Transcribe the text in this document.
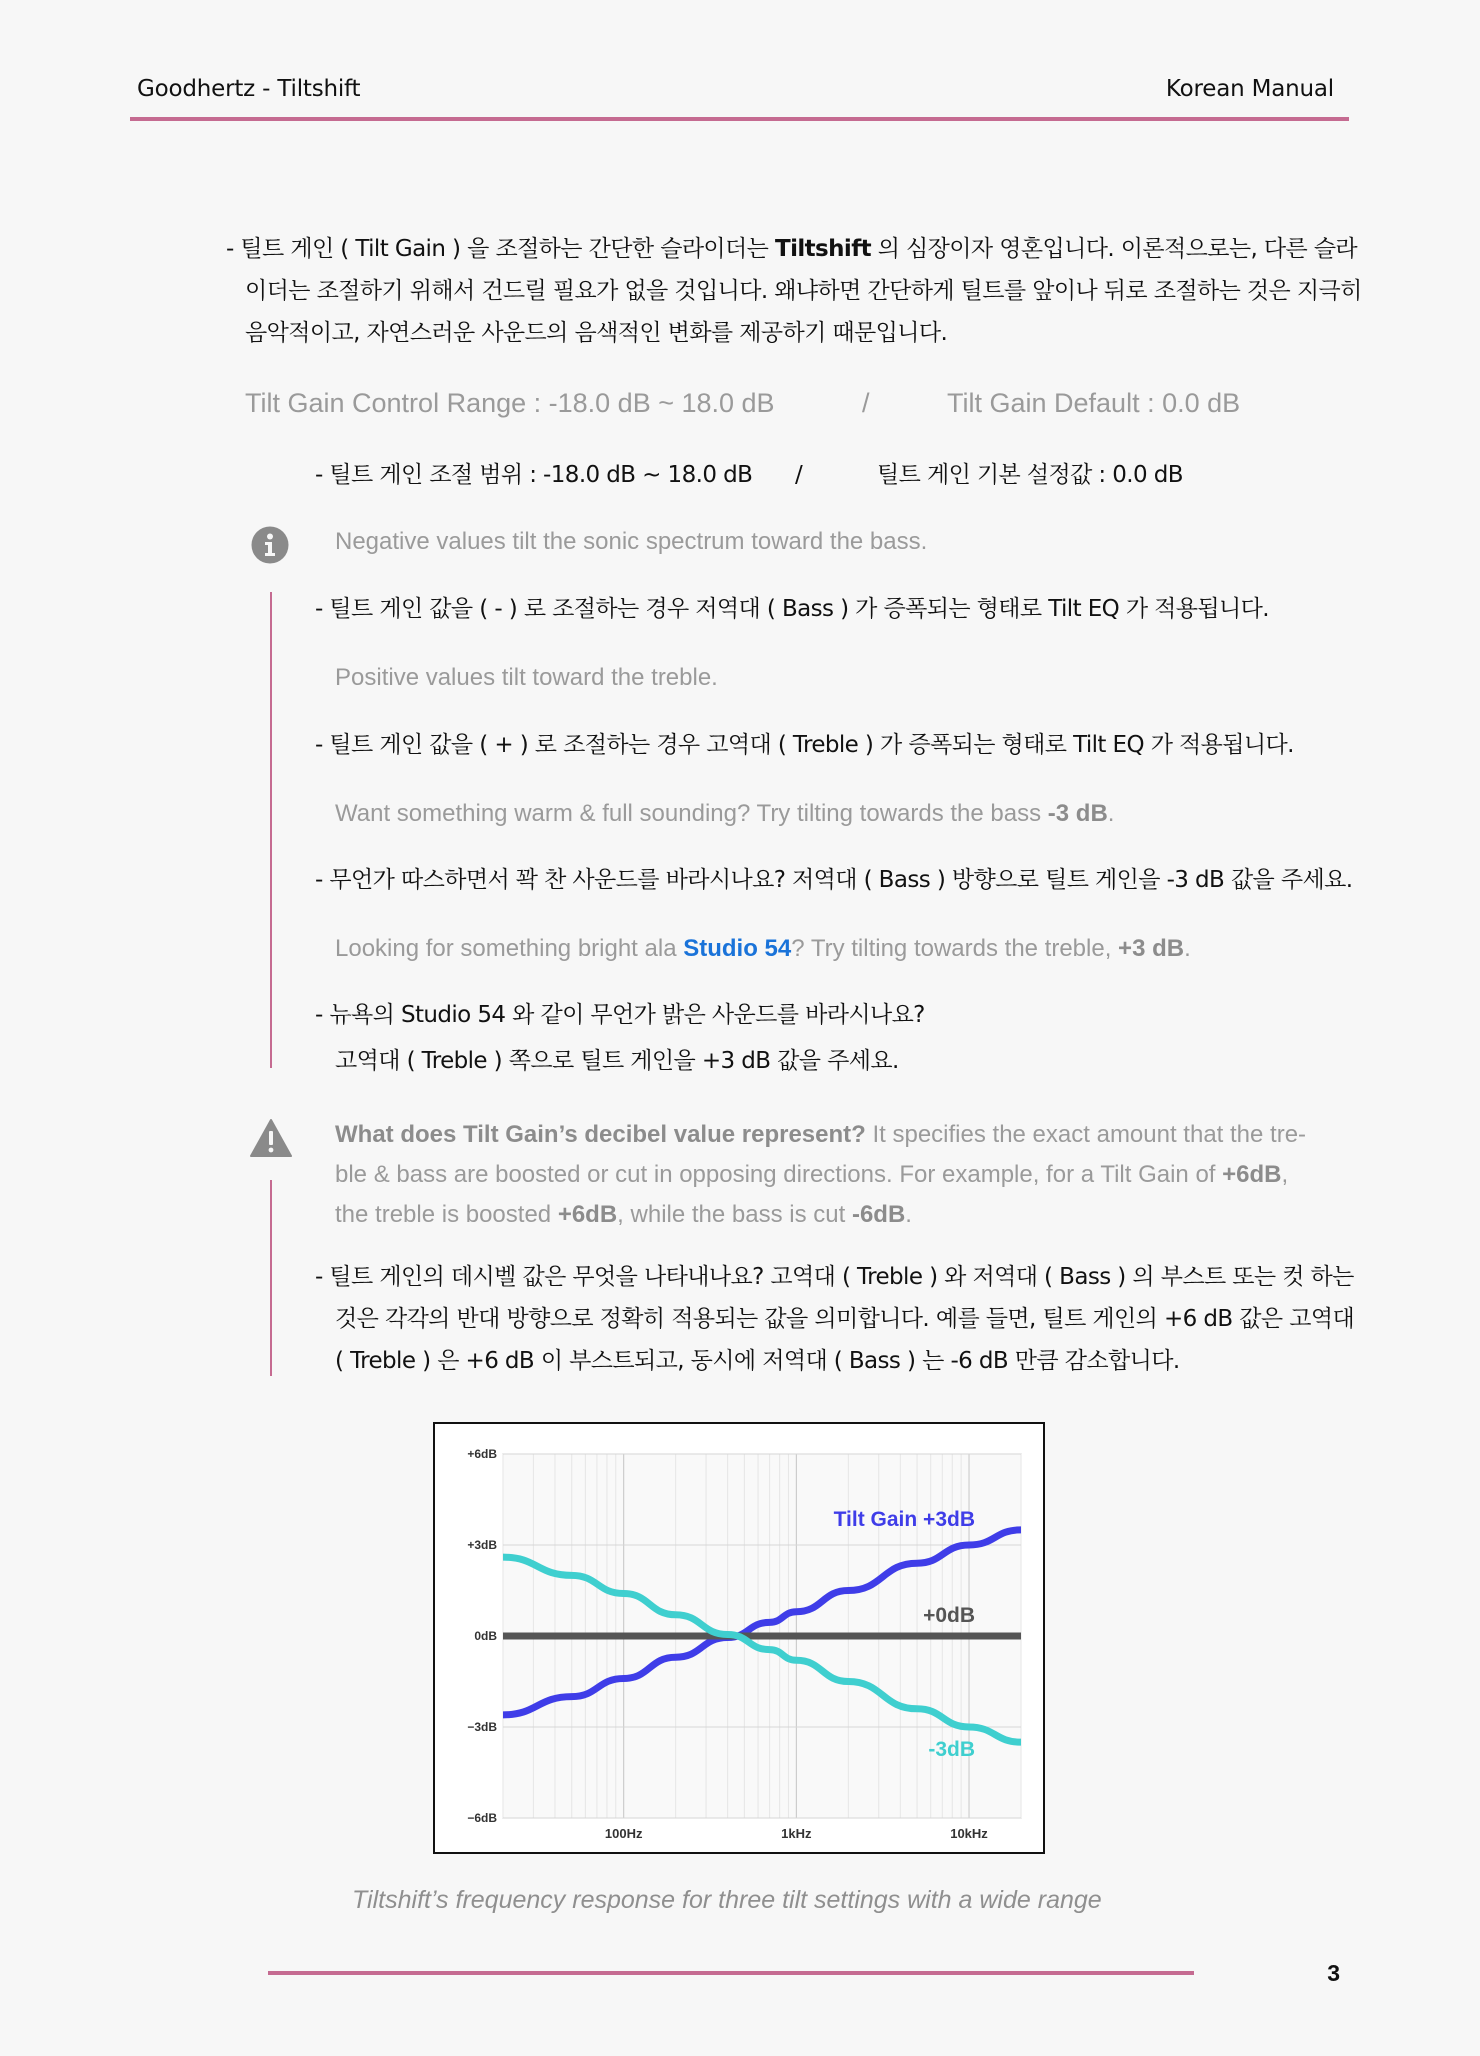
Goodhertz - Tiltshift	Korean Manual
- 틸트 게인 ( Tilt Gain ) 을 조절하는 간단한 슬라이더는 Tiltshift 의 심장이자 영혼입니다. 이론적으로는, 다른 슬라
이더는 조절하기 위해서 건드릴 필요가 없을 것입니다. 왜냐하면 간단하게 틸트를 앞이나 뒤로 조절하는 것은 지극히
음악적이고, 자연스러운 사운드의 음색적인 변화를 제공하기 때문입니다.
Tilt Gain Control Range : -18.0 dB ~ 18.0 dB	/	Tilt Gain Default : 0.0 dB
- 틸트 게인 조절 범위 : -18.0 dB ~ 18.0 dB /	틸트 게인 기본 설정값 : 0.0 dB
Negative values tilt the sonic spectrum toward the bass.
- 틸트 게인 값을 ( - ) 로 조절하는 경우 저역대 ( Bass ) 가 증폭되는 형태로 Tilt EQ 가 적용됩니다.
Positive values tilt toward the treble.
- 틸트 게인 값을 ( + ) 로 조절하는 경우 고역대 ( Treble ) 가 증폭되는 형태로 Tilt EQ 가 적용됩니다.
Want something warm & full sounding? Try tilting towards the bass -3 dB.
- 무언가 따스하면서 꽉 찬 사운드를 바라시나요? 저역대 ( Bass ) 방향으로 틸트 게인을 -3 dB 값을 주세요.
Looking for something bright ala Studio 54? Try tilting towards the treble, +3 dB.
- 뉴욕의 Studio 54 와 같이 무언가 밝은 사운드를 바라시나요?
고역대 ( Treble ) 쪽으로 틸트 게인을 +3 dB 값을 주세요.
What does Tilt Gain’s decibel value represent? It specifies the exact amount that the tre-
ble & bass are boosted or cut in opposing directions. For example, for a Tilt Gain of +6dB,
the treble is boosted +6dB, while the bass is cut -6dB.
- 틸트 게인의 데시벨 값은 무엇을 나타내나요? 고역대 ( Treble ) 와 저역대 ( Bass ) 의 부스트 또는 컷 하는
것은 각각의 반대 방향으로 정확히 적용되는 값을 의미합니다. 예를 들면, 틸트 게인의 +6 dB 값은 고역대
( Treble ) 은 +6 dB 이 부스트되고, 동시에 저역대 ( Bass ) 는 -6 dB 만큼 감소합니다.
+6dB
+3dB
0dB
−3dB
−6dB
100Hz	1kHz	10kHz
Tilt Gain +3dB
+0dB
-3dB
Tiltshift’s frequency response for three tilt settings with a wide range
3
